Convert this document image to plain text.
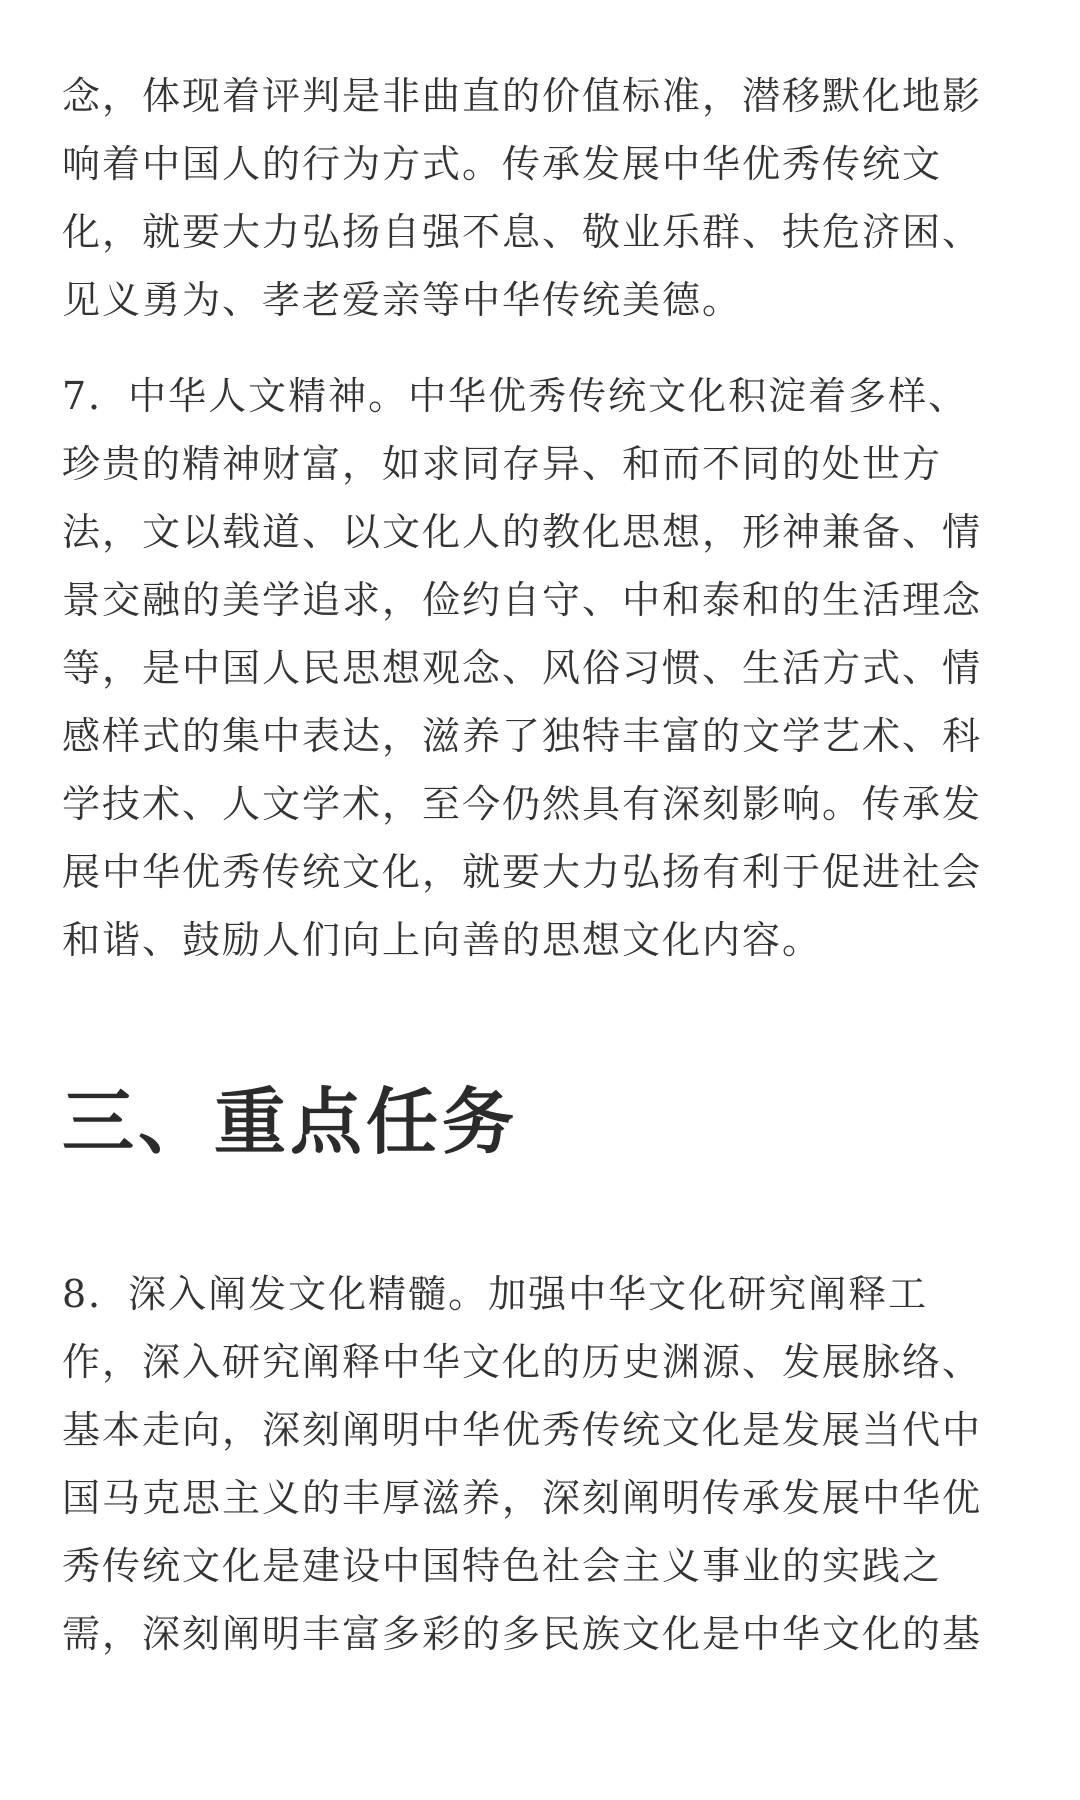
念，体现着评判是非曲直的价值标准，潜移默化地影
响着中国人的行为方式。传承发展中华优秀传统文
化，就要大力弘扬自强不息、敬业乐群、扶危济困、
见义勇为、孝老爱亲等中华传统美德。
7．中华人文精神。中华优秀传统文化积淀着多样、
珍贵的精神财富，如求同存异、和而不同的处世方
法，文以载道、以文化人的教化思想，形神兼备、情
景交融的美学追求，俭约自守、中和泰和的生活理念
等，是中国人民思想观念、风俗习惯、生活方式、情
感样式的集中表达，滋养了独特丰富的文学艺术、科
学技术、人文学术，至今仍然具有深刻影响。传承发
展中华优秀传统文化，就要大力弘扬有利于促进社会
和谐、鼓励人们向上向善的思想文化内容。
三、重点任务
8．深入阐发文化精髓。加强中华文化研究阐释工
作，深入研究阐释中华文化的历史渊源、发展脉络、
基本走向，深刻阐明中华优秀传统文化是发展当代中
国马克思主义的丰厚滋养，深刻阐明传承发展中华优
秀传统文化是建设中国特色社会主义事业的实践之
需，深刻阐明丰富多彩的多民族文化是中华文化的基
